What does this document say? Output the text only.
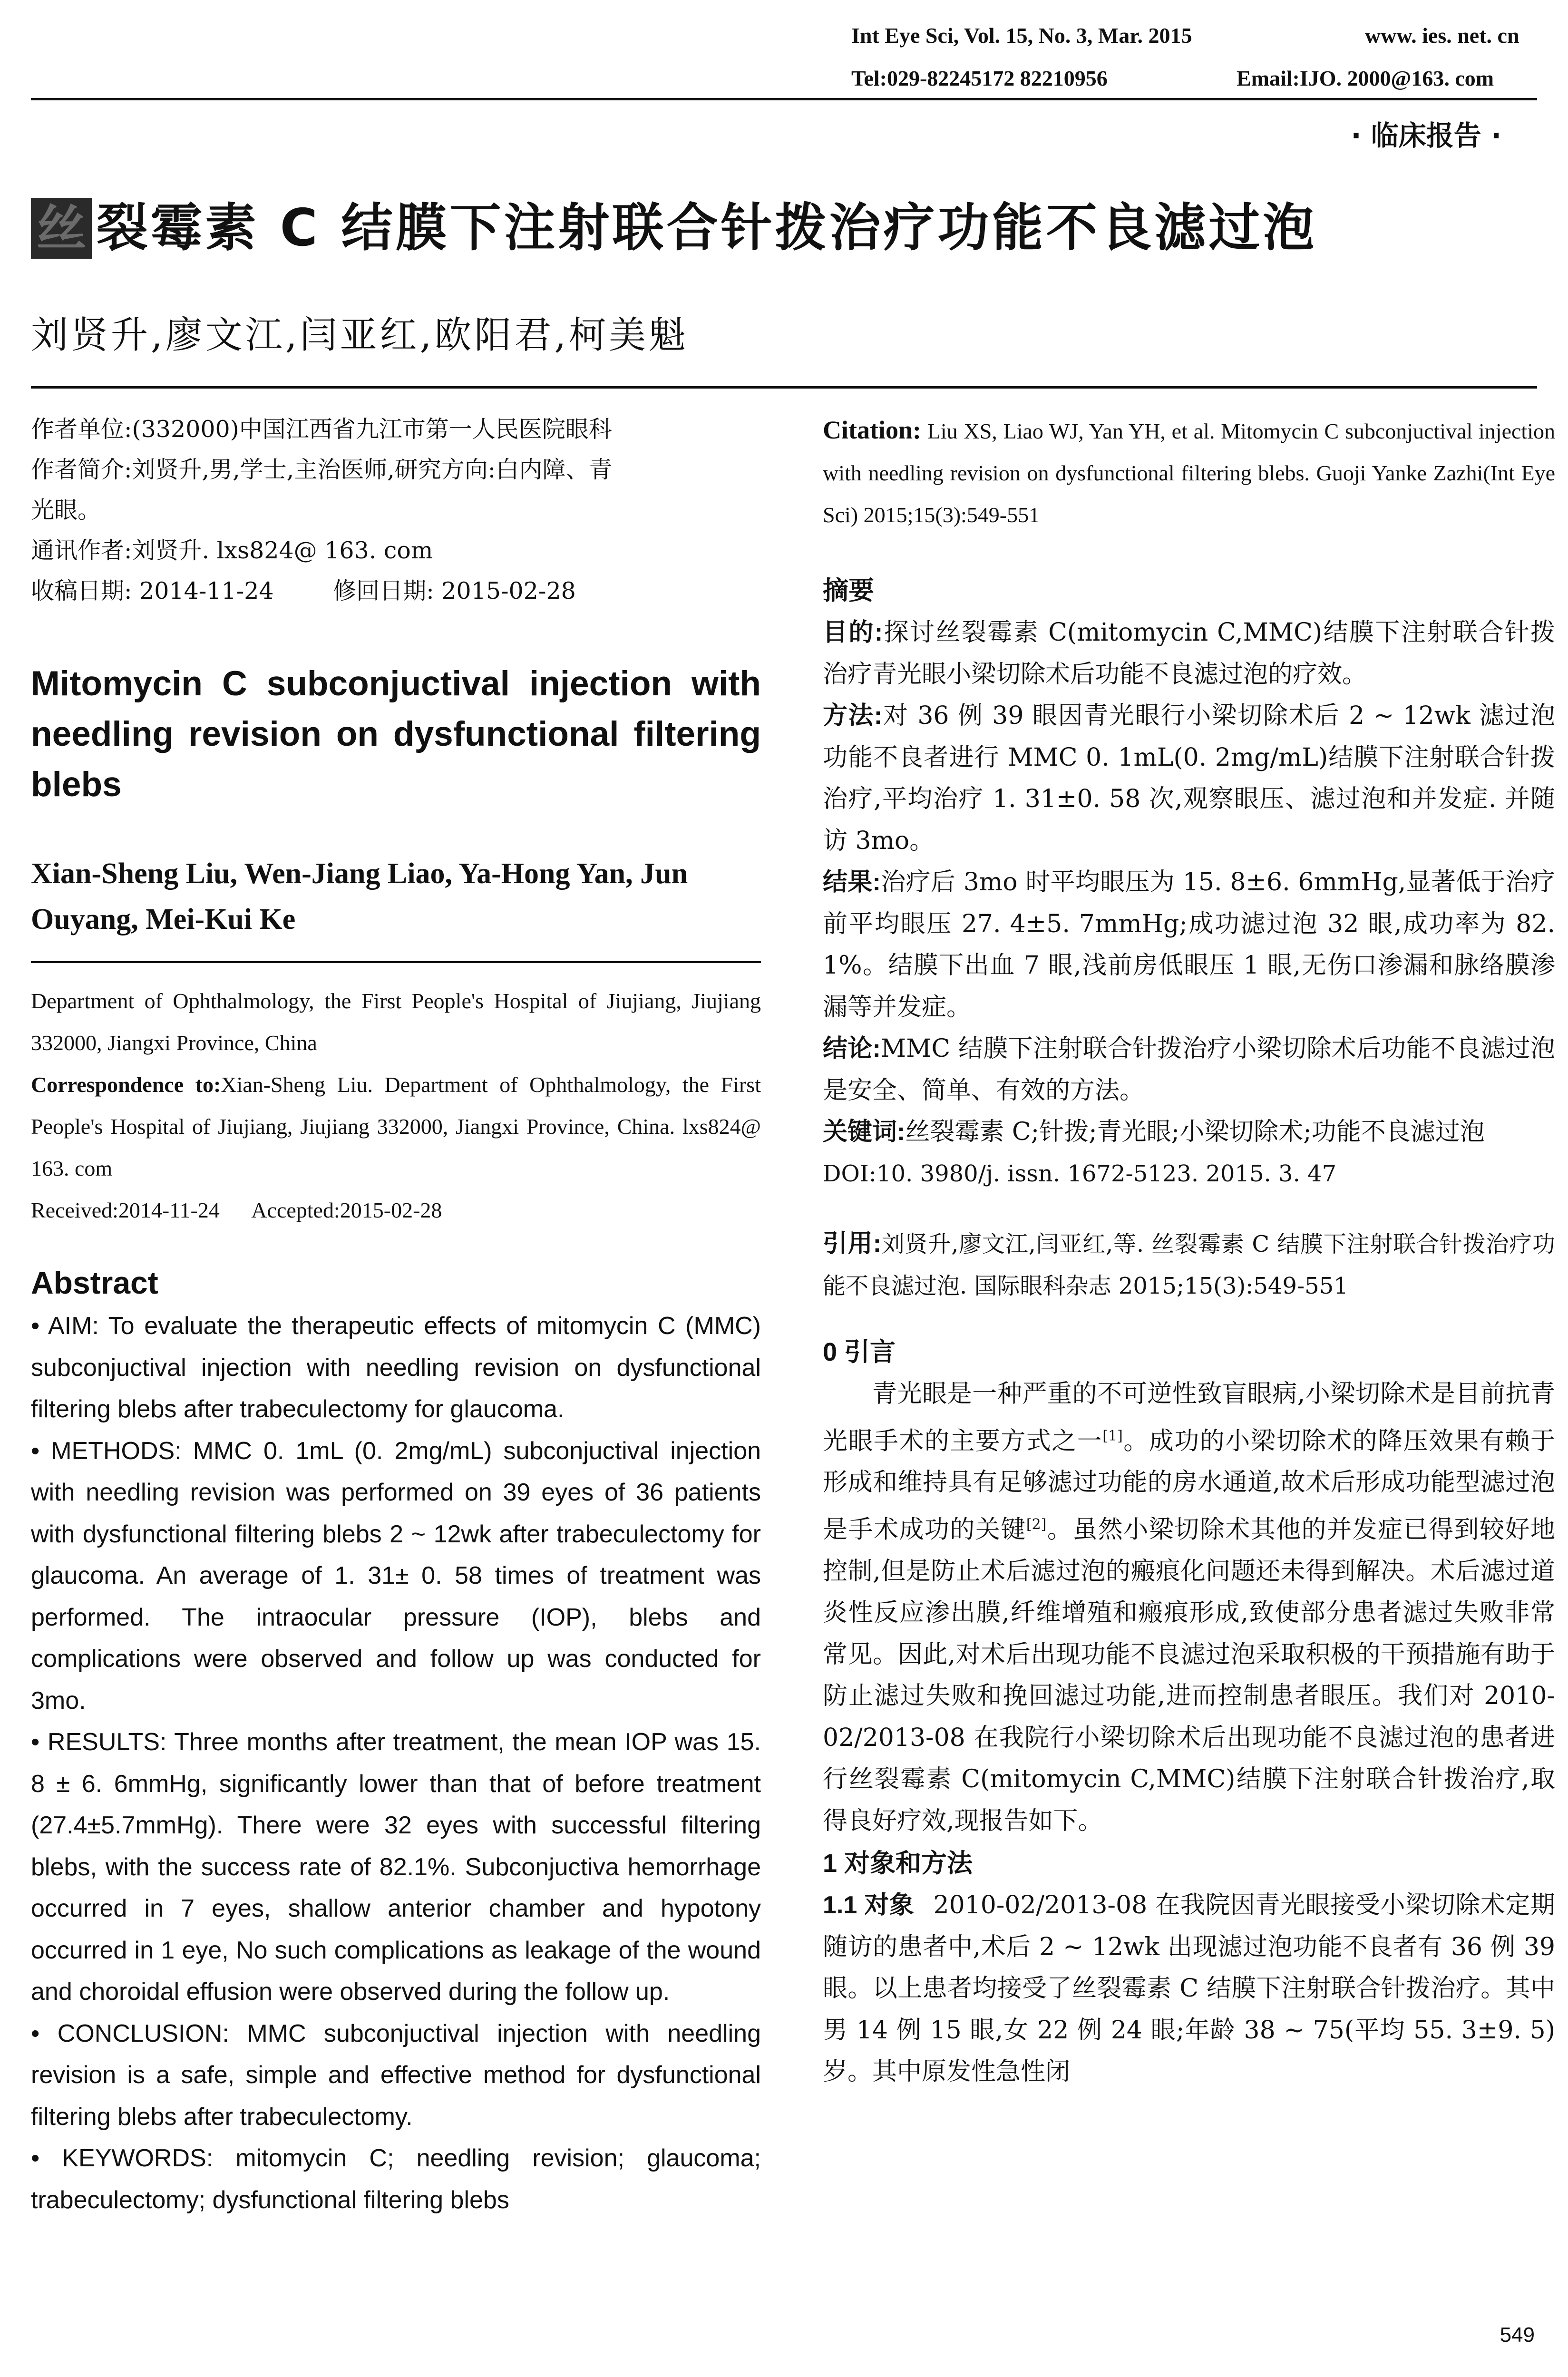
Int Eye Sci, Vol. 15, No. 3, Mar. 2015	www. ies. net. cn
Tel:029-82245172 82210956	Email:IJO. 2000@163. com
· 临床报告 ·
丝 裂霉素 C 结膜下注射联合针拨治疗功能不良滤过泡
刘贤升,廖文江,闫亚红,欧阳君,柯美魁

作者单位:(332000)中国江西省九江市第一人民医院眼科

作者简介:刘贤升,男,学士,主治医师,研究方向:白内障、青

光眼。

通讯作者:刘贤升. lxs824@ 163. com

收稿日期: 2014-11-24        修回日期: 2015-02-28

Mitomycin C subconjuctival injection with needling revision on dysfunctional filtering blebs

Xian-Sheng Liu, Wen-Jiang Liao, Ya-Hong Yan, Jun Ouyang, Mei-Kui Ke

Department of Ophthalmology, the First People's Hospital of Jiujiang, Jiujiang 332000, Jiangxi Province, China

Correspondence to:Xian-Sheng Liu. Department of Ophthalmology, the First People's Hospital of Jiujiang, Jiujiang 332000, Jiangxi Province, China. lxs824@ 163. com

Received:2014-11-24      Accepted:2015-02-28

Abstract

• AIM: To evaluate the therapeutic effects of mitomycin C (MMC) subconjuctival injection with needling revision on dysfunctional filtering blebs after trabeculectomy for glaucoma.

• METHODS: MMC 0. 1mL (0. 2mg/mL) subconjuctival injection with needling revision was performed on 39 eyes of 36 patients with dysfunctional filtering blebs 2 ~ 12wk after trabeculectomy for glaucoma. An average of 1. 31± 0. 58 times of treatment was performed. The intraocular pressure (IOP), blebs and complications were observed and follow up was conducted for 3mo.

• RESULTS: Three months after treatment, the mean IOP was 15. 8 ± 6. 6mmHg, significantly lower than that of before treatment (27.4±5.7mmHg). There were 32 eyes with successful filtering blebs, with the success rate of 82.1%. Subconjuctiva hemorrhage occurred in 7 eyes, shallow anterior chamber and hypotony occurred in 1 eye, No such complications as leakage of the wound and choroidal effusion were observed during the follow up.

• CONCLUSION: MMC subconjuctival injection with needling revision is a safe, simple and effective method for dysfunctional filtering blebs after trabeculectomy.

• KEYWORDS: mitomycin C; needling revision; glaucoma; trabeculectomy; dysfunctional filtering blebs

Citation: Liu XS, Liao WJ, Yan YH, et al. Mitomycin C subconjuctival injection with needling revision on dysfunctional filtering blebs. Guoji Yanke Zazhi(Int Eye Sci) 2015;15(3):549-551

摘要

目的:探讨丝裂霉素 C(mitomycin C,MMC)结膜下注射联合针拨治疗青光眼小梁切除术后功能不良滤过泡的疗效。

方法:对 36 例 39 眼因青光眼行小梁切除术后 2 ~ 12wk 滤过泡功能不良者进行 MMC 0. 1mL(0. 2mg/mL)结膜下注射联合针拨治疗,平均治疗 1. 31±0. 58 次,观察眼压、滤过泡和并发症. 并随访 3mo。

结果:治疗后 3mo 时平均眼压为 15. 8±6. 6mmHg,显著低于治疗前平均眼压 27. 4±5. 7mmHg;成功滤过泡 32 眼,成功率为 82. 1%。结膜下出血 7 眼,浅前房低眼压 1 眼,无伤口渗漏和脉络膜渗漏等并发症。

结论:MMC 结膜下注射联合针拨治疗小梁切除术后功能不良滤过泡是安全、简单、有效的方法。

关键词:丝裂霉素 C;针拨;青光眼;小梁切除术;功能不良滤过泡

DOI:10. 3980/j. issn. 1672-5123. 2015. 3. 47

引用:刘贤升,廖文江,闫亚红,等. 丝裂霉素 C 结膜下注射联合针拨治疗功能不良滤过泡. 国际眼科杂志 2015;15(3):549-551

0 引言

青光眼是一种严重的不可逆性致盲眼病,小梁切除术是目前抗青光眼手术的主要方式之一[1]。成功的小梁切除术的降压效果有赖于形成和维持具有足够滤过功能的房水通道,故术后形成功能型滤过泡是手术成功的关键[2]。虽然小梁切除术其他的并发症已得到较好地控制,但是防止术后滤过泡的瘢痕化问题还未得到解决。术后滤过道炎性反应渗出膜,纤维增殖和瘢痕形成,致使部分患者滤过失败非常常见。因此,对术后出现功能不良滤过泡采取积极的干预措施有助于防止滤过失败和挽回滤过功能,进而控制患者眼压。我们对 2010-02/2013-08 在我院行小梁切除术后出现功能不良滤过泡的患者进行丝裂霉素 C(mitomycin C,MMC)结膜下注射联合针拨治疗,取得良好疗效,现报告如下。

1 对象和方法

1.1 对象 2010-02/2013-08 在我院因青光眼接受小梁切除术定期随访的患者中,术后 2 ~ 12wk 出现滤过泡功能不良者有 36 例 39 眼。以上患者均接受了丝裂霉素 C 结膜下注射联合针拨治疗。其中男 14 例 15 眼,女 22 例 24 眼;年龄 38 ~ 75(平均 55. 3±9. 5)岁。其中原发性急性闭

549
